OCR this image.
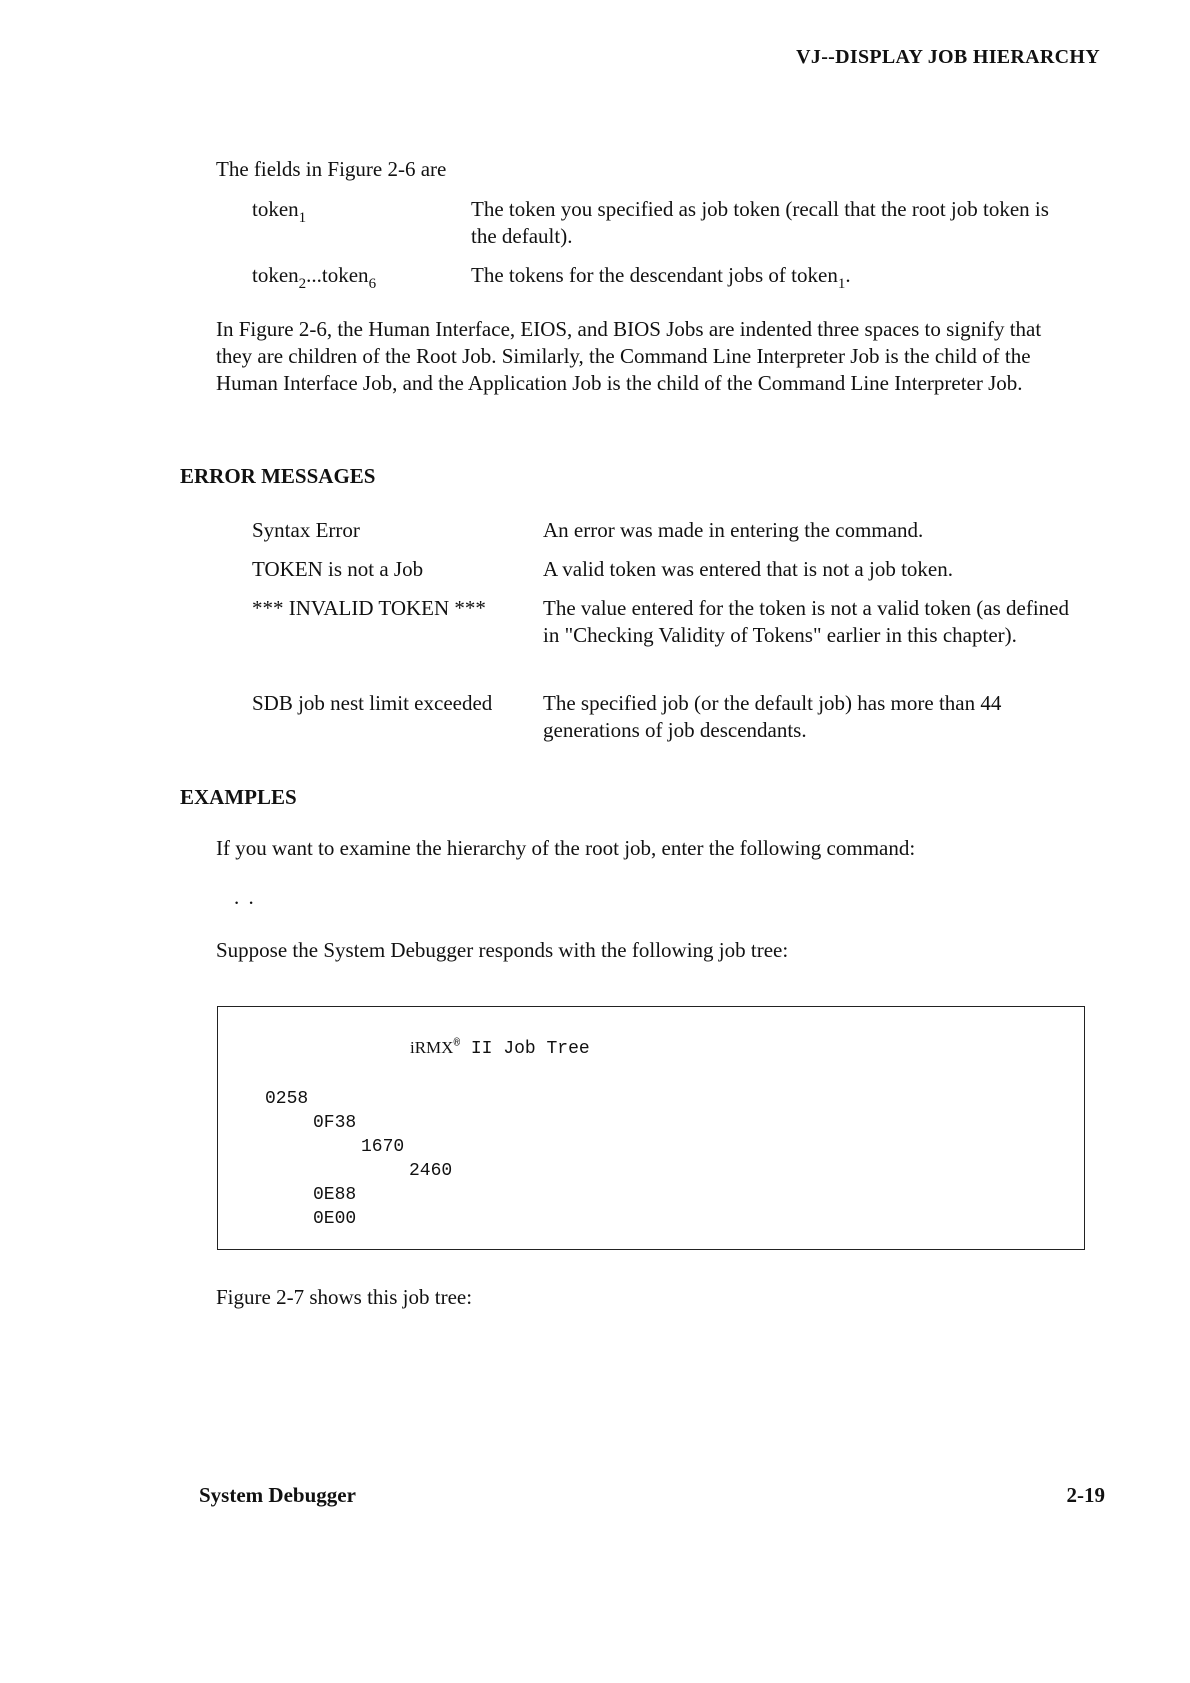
VJ--DISPLAY JOB HIERARCHY
The fields in Figure 2-6 are
token$_1$	The token you specified as job token (recall that the root job token is the default).
token$_2$...token$_6$	The tokens for the descendant jobs of token$_1$.
In Figure 2-6, the Human Interface, EIOS, and BIOS Jobs are indented three spaces to signify that they are children of the Root Job. Similarly, the Command Line Interpreter Job is the child of the Human Interface Job, and the Application Job is the child of the Command Line Interpreter Job.
ERROR MESSAGES
Syntax Error	An error was made in entering the command.
TOKEN is not a Job	A valid token was entered that is not a job token.
*** INVALID TOKEN ***	The value entered for the token is not a valid token (as defined in "Checking Validity of Tokens" earlier in this chapter).
SDB job nest limit exceeded	The specified job (or the default job) has more than 44 generations of job descendants.
EXAMPLES
If you want to examine the hierarchy of the root job, enter the following command:
. .
Suppose the System Debugger responds with the following job tree:
iRMX® II Job Tree
0258
0F38
1670
2460
0E88
0E00
Figure 2-7 shows this job tree:
System Debugger	2-19
